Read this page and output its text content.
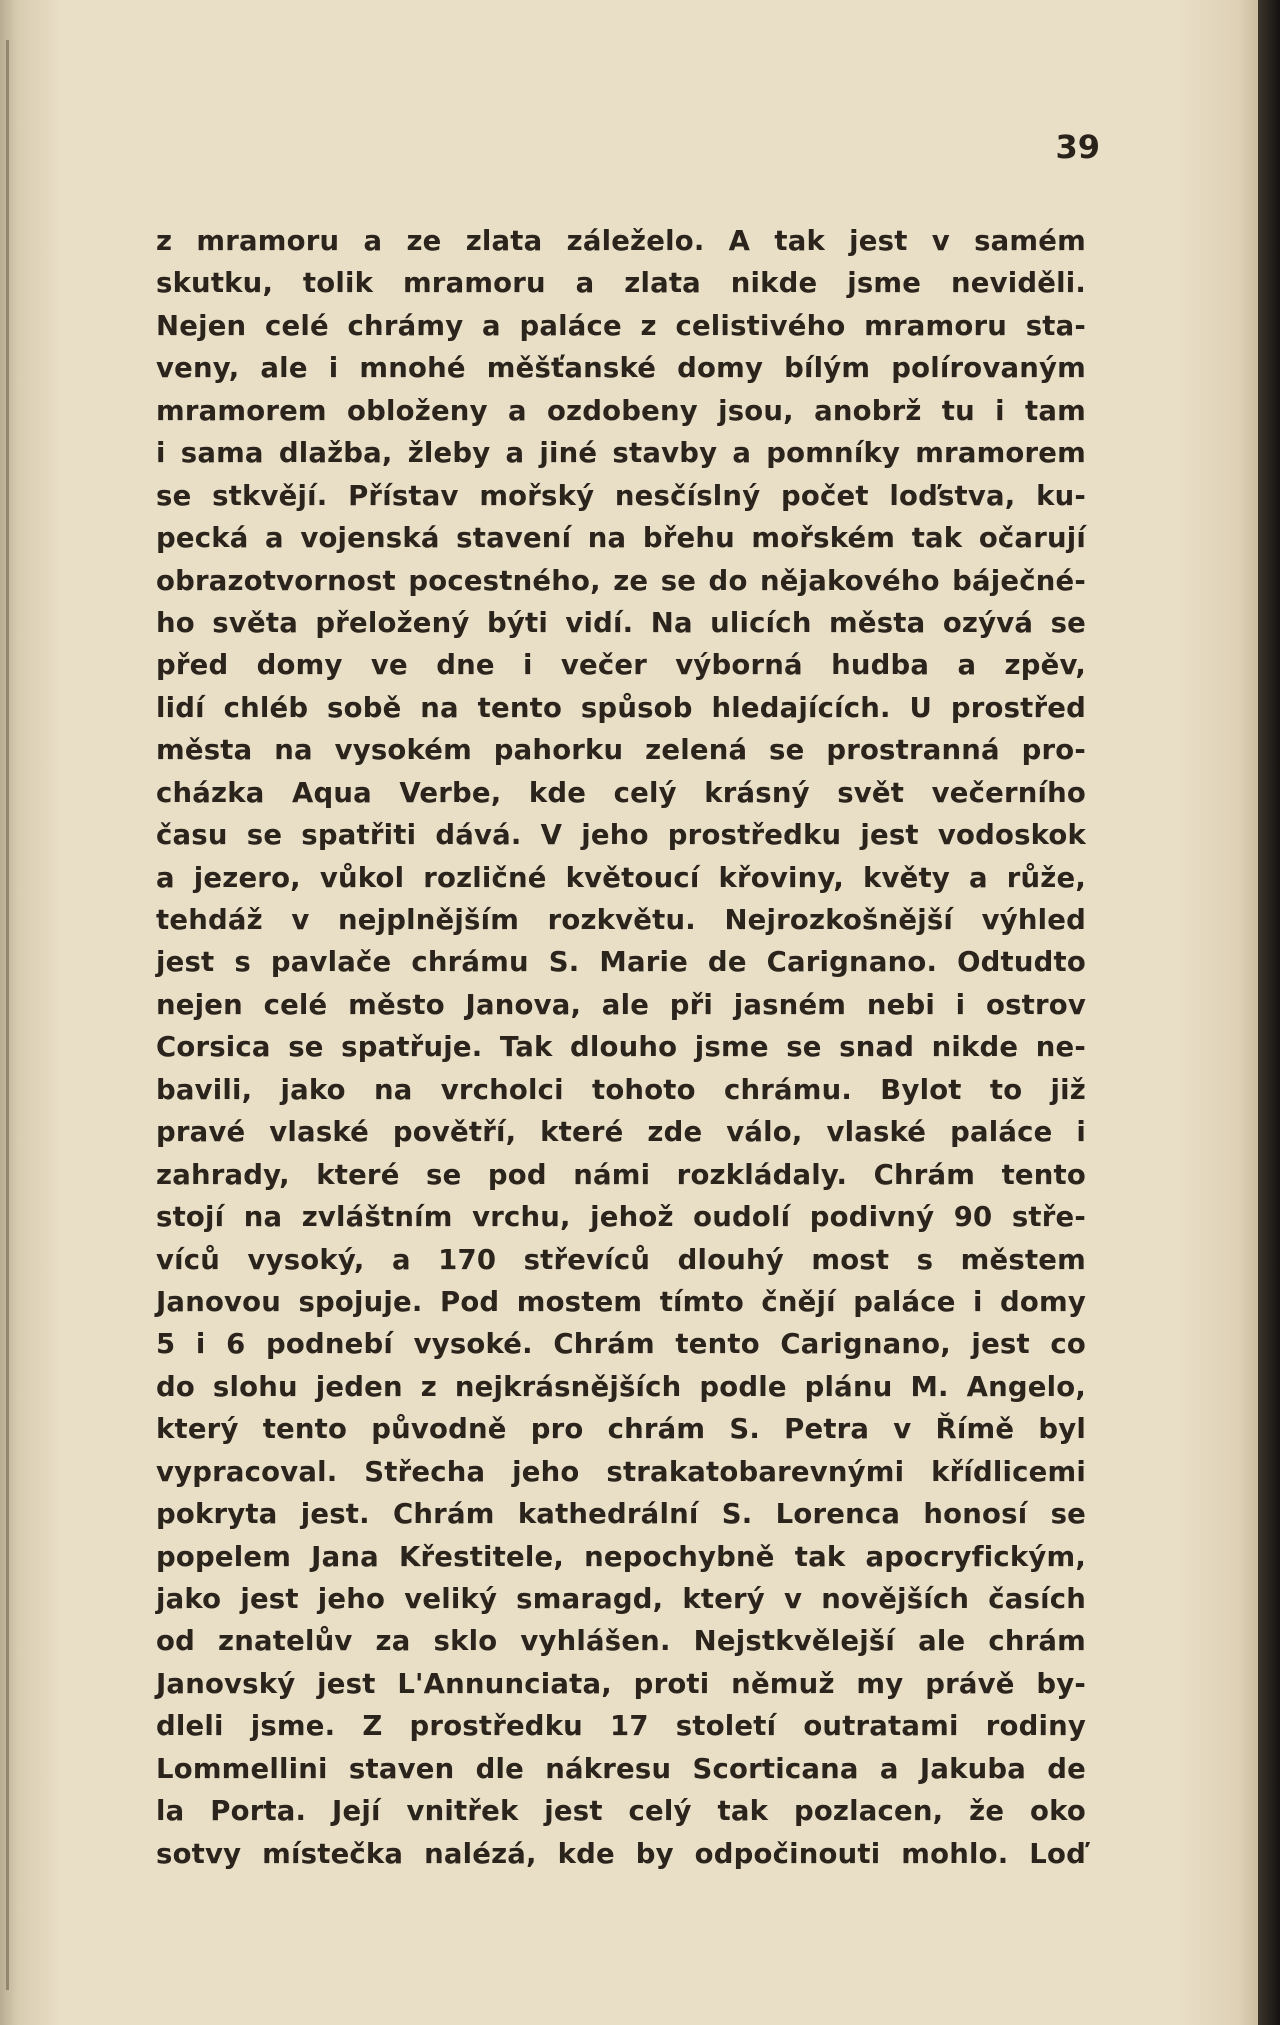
39
z mramoru a ze zlata záleželo. A tak jest v samém
skutku, tolik mramoru a zlata nikde jsme neviděli.
Nejen celé chrámy a paláce z celistivého mramoru sta-
veny, ale i mnohé měšťanské domy bílým polírovaným
mramorem obloženy a ozdobeny jsou, anobrž tu i tam
i sama dlažba, žleby a jiné stavby a pomníky mramorem
se stkvějí. Přístav mořský nesčíslný počet loďstva, ku-
pecká a vojenská stavení na břehu mořském tak očarují
obrazotvornost pocestného, ze se do nějakového báječné-
ho světa přeložený býti vidí. Na ulicích města ozývá se
před domy ve dne i večer výborná hudba a zpěv,
lidí chléb sobě na tento spůsob hledajících. U prostřed
města na vysokém pahorku zelená se prostranná pro-
cházka Aqua Verbe, kde celý krásný svět večerního
času se spatřiti dává. V jeho prostředku jest vodoskok
a jezero, vůkol rozličné květoucí křoviny, květy a růže,
tehdáž v nejplnějším rozkvětu. Nejrozkošnější výhled
jest s pavlače chrámu S. Marie de Carignano. Odtudto
nejen celé město Janova, ale při jasném nebi i ostrov
Corsica se spatřuje. Tak dlouho jsme se snad nikde ne-
bavili, jako na vrcholci tohoto chrámu. Bylot to již
pravé vlaské povětří, které zde válo, vlaské paláce i
zahrady, které se pod námi rozkládaly. Chrám tento
stojí na zvláštním vrchu, jehož oudolí podivný 90 stře-
víců vysoký, a 170 střevíců dlouhý most s městem
Janovou spojuje. Pod mostem tímto čnějí paláce i domy
5 i 6 podnebí vysoké. Chrám tento Carignano, jest co
do slohu jeden z nejkrásnějších podle plánu M. Angelo,
který tento původně pro chrám S. Petra v Římě byl
vypracoval. Střecha jeho strakatobarevnými křídlicemi
pokryta jest. Chrám kathedrální S. Lorenca honosí se
popelem Jana Křestitele, nepochybně tak apocryfickým,
jako jest jeho veliký smaragd, který v novějších časích
od znatelův za sklo vyhlášen. Nejstkvělejší ale chrám
Janovský jest L'Annunciata, proti němuž my právě by-
dleli jsme. Z prostředku 17 století outratami rodiny
Lommellini staven dle nákresu Scorticana a Jakuba de
la Porta. Její vnitřek jest celý tak pozlacen, že oko
sotvy místečka nalézá, kde by odpočinouti mohlo. Loď
